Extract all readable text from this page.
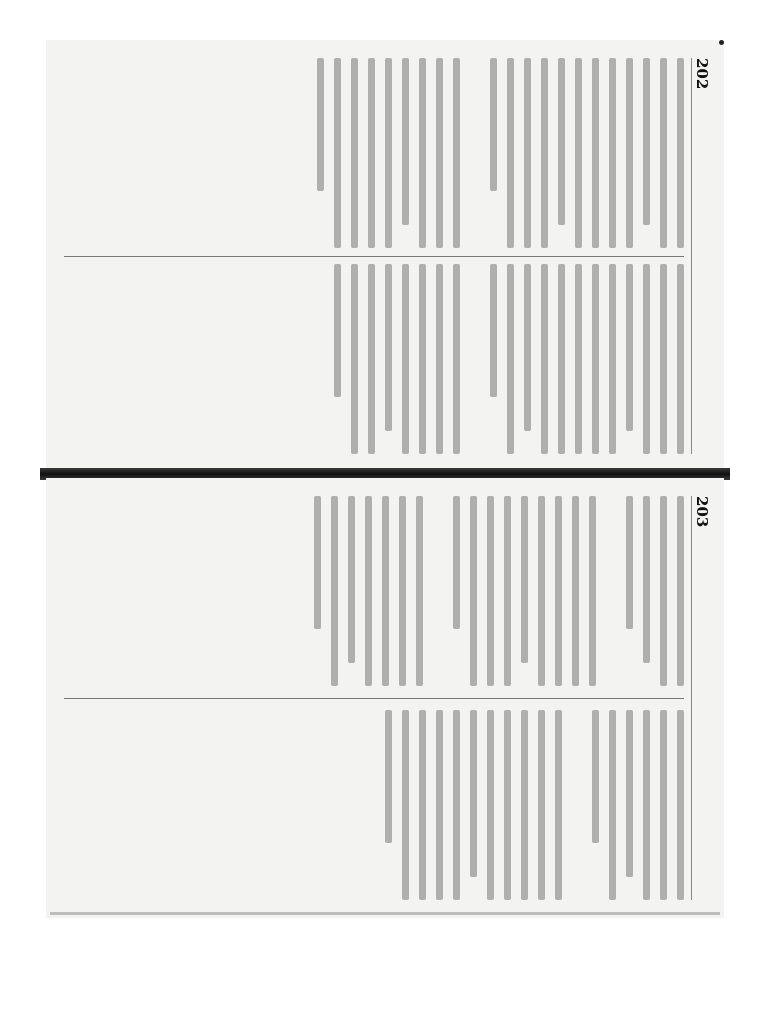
202
203
